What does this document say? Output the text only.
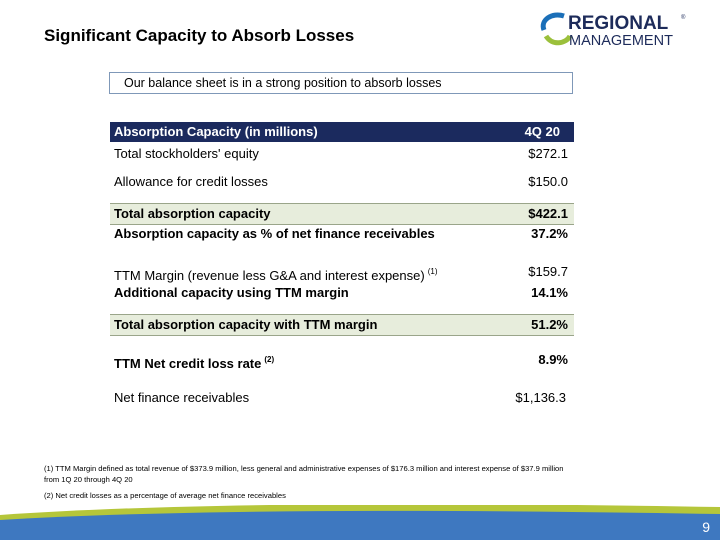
Significant Capacity to Absorb Losses
REGIONAL
MANAGEMENT
®
Our balance sheet is in a strong position to absorb losses
Absorption Capacity (in millions)	4Q 20
Total stockholders' equity	$272.1
Allowance for credit losses	$150.0
Total absorption capacity	$422.1
Absorption capacity as % of net finance receivables	37.2%
TTM Margin (revenue less G&A and interest expense) $^{(1)}$	$159.7
Additional capacity using TTM margin	14.1%
Total absorption capacity with TTM margin	51.2%
TTM Net credit loss rate $^{(2)}$	8.9%
Net finance receivables	$1,136.3
(1) TTM Margin defined as total revenue of $373.9 million, less general and administrative expenses of $176.3 million and interest expense of $37.9 million
from 1Q 20 through 4Q 20
(2) Net credit losses as a percentage of average net finance receivables
9
